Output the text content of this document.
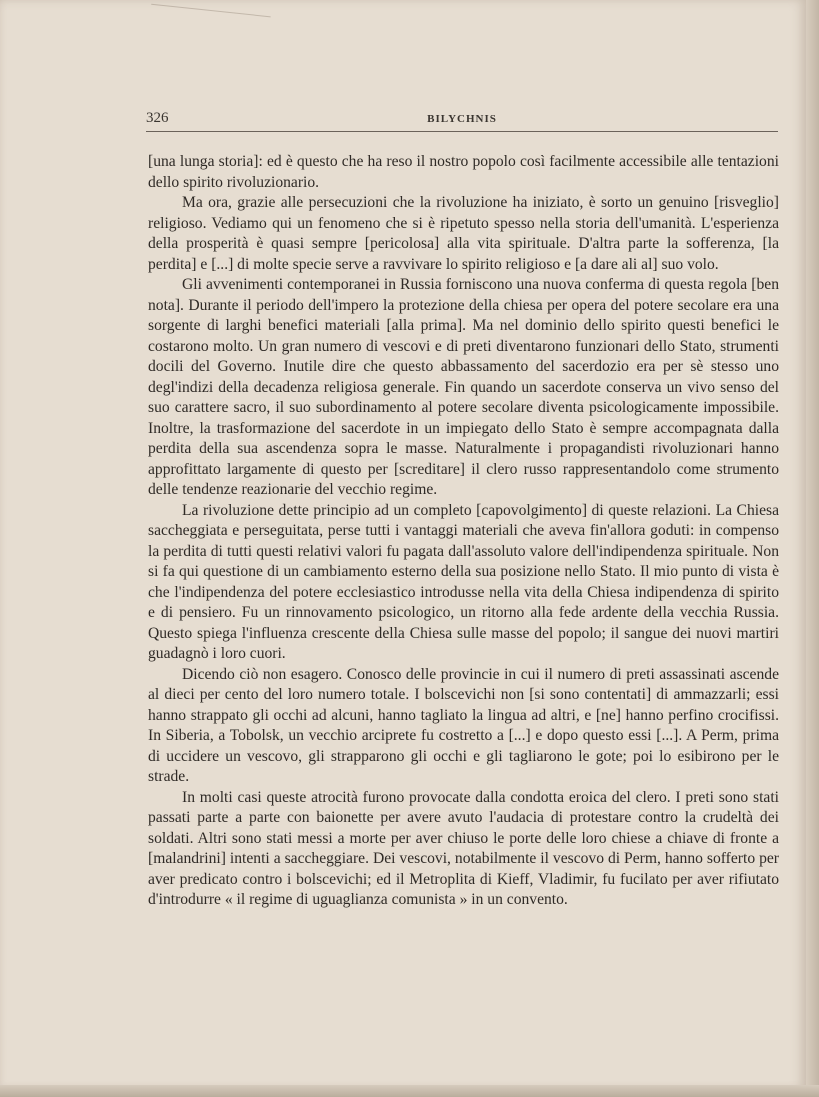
326	BILYCHNIS

[una lunga storia]: ed è questo che ha reso il nostro popolo così facilmente accessibile alle tentazioni dello spirito rivoluzionario.

Ma ora, grazie alle persecuzioni che la rivoluzione ha iniziato, è sorto un genuino [risveglio] religioso. Vediamo qui un fenomeno che si è ripetuto spesso nella storia dell'umanità. L'esperienza della prosperità è quasi sempre [pericolosa] alla vita spirituale. D'altra parte la sofferenza, [la perdita] e [...] di molte specie serve a ravvivare lo spirito religioso e [a dare ali al] suo volo.

Gli avvenimenti contemporanei in Russia forniscono una nuova conferma di questa regola [ben nota]. Durante il periodo dell'impero la protezione della chiesa per opera del potere secolare era una sorgente di larghi benefici materiali [alla prima]. Ma nel dominio dello spirito questi benefici le costarono molto. Un gran numero di vescovi e di preti diventarono funzionari dello Stato, strumenti docili del Governo. Inutile dire che questo abbassamento del sacerdozio era per sè stesso uno degl'indizi della decadenza religiosa generale. Fin quando un sacerdote conserva un vivo senso del suo carattere sacro, il suo subordinamento al potere secolare diventa psicologicamente impossibile. Inoltre, la trasformazione del sacerdote in un impiegato dello Stato è sempre accompagnata dalla perdita della sua ascendenza sopra le masse. Naturalmente i propagandisti rivoluzionari hanno approfittato largamente di questo per [screditare] il clero russo rappresentandolo come strumento delle tendenze reazionarie del vecchio regime.

La rivoluzione dette principio ad un completo [capovolgimento] di queste relazioni. La Chiesa saccheggiata e perseguitata, perse tutti i vantaggi materiali che aveva fin'allora goduti: in compenso la perdita di tutti questi relativi valori fu pagata dall'assoluto valore dell'indipendenza spirituale. Non si fa qui questione di un cambiamento esterno della sua posizione nello Stato. Il mio punto di vista è che l'indipendenza del potere ecclesiastico introdusse nella vita della Chiesa indipendenza di spirito e di pensiero. Fu un rinnovamento psicologico, un ritorno alla fede ardente della vecchia Russia. Questo spiega l'influenza crescente della Chiesa sulle masse del popolo; il sangue dei nuovi martiri guadagnò i loro cuori.

Dicendo ciò non esagero. Conosco delle provincie in cui il numero di preti assassinati ascende al dieci per cento del loro numero totale. I bolscevichi non [si sono contentati] di ammazzarli; essi hanno strappato gli occhi ad alcuni, hanno tagliato la lingua ad altri, e [ne] hanno perfino crocifissi. In Siberia, a Tobolsk, un vecchio arciprete fu costretto a [...] e dopo questo essi [...]. A Perm, prima di uccidere un vescovo, gli strapparono gli occhi e gli tagliarono le gote; poi lo esibirono per le strade.

In molti casi queste atrocità furono provocate dalla condotta eroica del clero. I preti sono stati passati parte a parte con baionette per avere avuto l'audacia di protestare contro la crudeltà dei soldati. Altri sono stati messi a morte per aver chiuso le porte delle loro chiese a chiave di fronte a [malandrini] intenti a saccheggiare. Dei vescovi, notabilmente il vescovo di Perm, hanno sofferto per aver predicato contro i bolscevichi; ed il Metroplita di Kieff, Vladimir, fu fucilato per aver rifiutato d'introdurre « il regime di uguaglianza comunista » in un convento.
